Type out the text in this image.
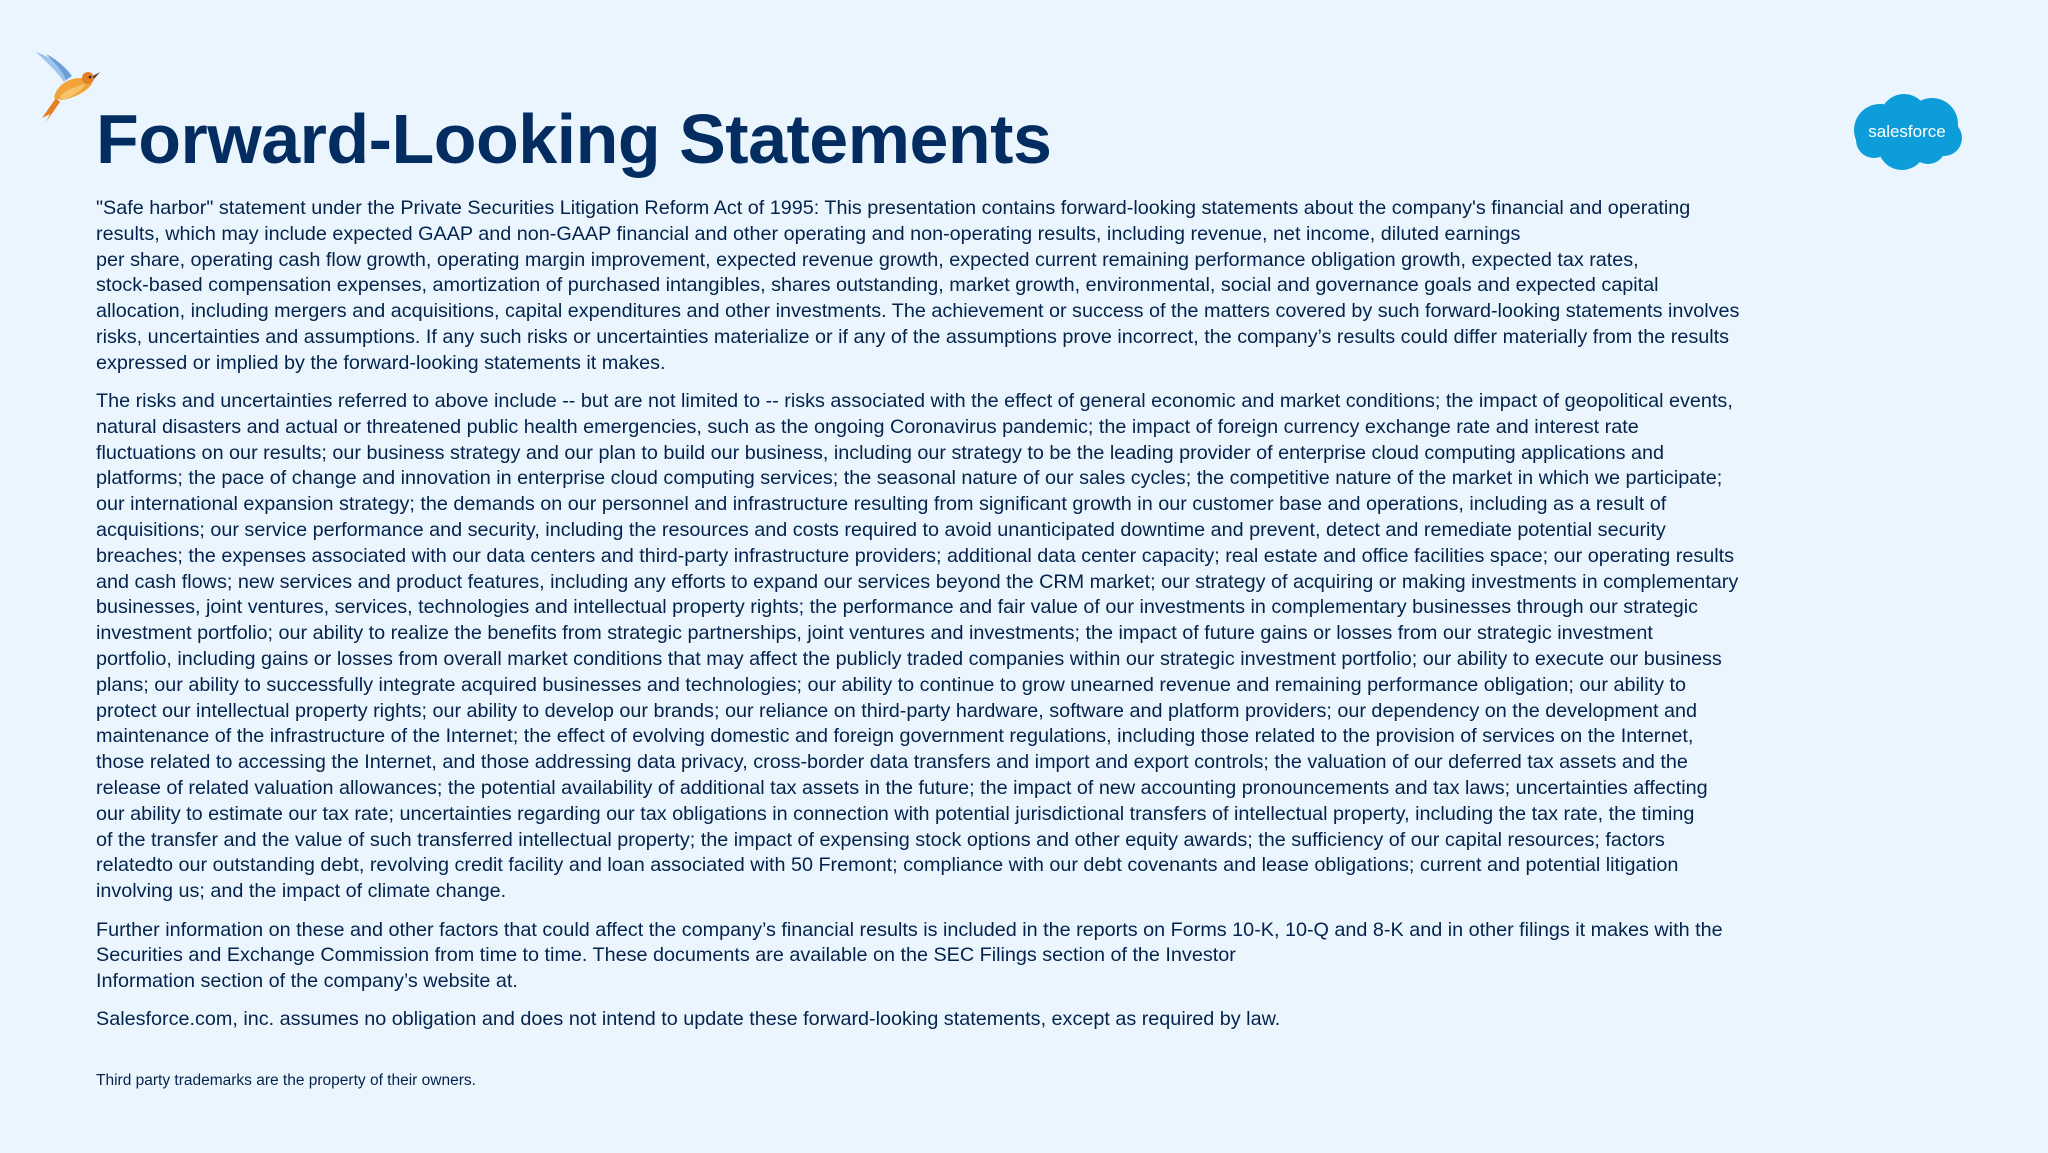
salesforce
Forward-Looking Statements

"Safe harbor" statement under the Private Securities Litigation Reform Act of 1995: This presentation contains forward-looking statements about the company's financial and operating
results, which may include expected GAAP and non-GAAP financial and other operating and non-operating results, including revenue, net income, diluted earnings
per share, operating cash flow growth, operating margin improvement, expected revenue growth, expected current remaining performance obligation growth, expected tax rates,
stock-based compensation expenses, amortization of purchased intangibles, shares outstanding, market growth, environmental, social and governance goals and expected capital
allocation, including mergers and acquisitions, capital expenditures and other investments. The achievement or success of the matters covered by such forward-looking statements involves
risks, uncertainties and assumptions. If any such risks or uncertainties materialize or if any of the assumptions prove incorrect, the company’s results could differ materially from the results
expressed or implied by the forward-looking statements it makes.

The risks and uncertainties referred to above include -- but are not limited to -- risks associated with the effect of general economic and market conditions; the impact of geopolitical events,
natural disasters and actual or threatened public health emergencies, such as the ongoing Coronavirus pandemic; the impact of foreign currency exchange rate and interest rate
fluctuations on our results; our business strategy and our plan to build our business, including our strategy to be the leading provider of enterprise cloud computing applications and
platforms; the pace of change and innovation in enterprise cloud computing services; the seasonal nature of our sales cycles; the competitive nature of the market in which we participate;
our international expansion strategy; the demands on our personnel and infrastructure resulting from significant growth in our customer base and operations, including as a result of
acquisitions; our service performance and security, including the resources and costs required to avoid unanticipated downtime and prevent, detect and remediate potential security
breaches; the expenses associated with our data centers and third-party infrastructure providers; additional data center capacity; real estate and office facilities space; our operating results
and cash flows; new services and product features, including any efforts to expand our services beyond the CRM market; our strategy of acquiring or making investments in complementary
businesses, joint ventures, services, technologies and intellectual property rights; the performance and fair value of our investments in complementary businesses through our strategic
investment portfolio; our ability to realize the benefits from strategic partnerships, joint ventures and investments; the impact of future gains or losses from our strategic investment
portfolio, including gains or losses from overall market conditions that may affect the publicly traded companies within our strategic investment portfolio; our ability to execute our business
plans; our ability to successfully integrate acquired businesses and technologies; our ability to continue to grow unearned revenue and remaining performance obligation; our ability to
protect our intellectual property rights; our ability to develop our brands; our reliance on third-party hardware, software and platform providers; our dependency on the development and
maintenance of the infrastructure of the Internet; the effect of evolving domestic and foreign government regulations, including those related to the provision of services on the Internet,
those related to accessing the Internet, and those addressing data privacy, cross-border data transfers and import and export controls; the valuation of our deferred tax assets and the
release of related valuation allowances; the potential availability of additional tax assets in the future; the impact of new accounting pronouncements and tax laws; uncertainties affecting
our ability to estimate our tax rate; uncertainties regarding our tax obligations in connection with potential jurisdictional transfers of intellectual property, including the tax rate, the timing
of the transfer and the value of such transferred intellectual property; the impact of expensing stock options and other equity awards; the sufficiency of our capital resources; factors
relatedto our outstanding debt, revolving credit facility and loan associated with 50 Fremont; compliance with our debt covenants and lease obligations; current and potential litigation
involving us; and the impact of climate change.

Further information on these and other factors that could affect the company’s financial results is included in the reports on Forms 10-K, 10-Q and 8-K and in other filings it makes with the
Securities and Exchange Commission from time to time. These documents are available on the SEC Filings section of the Investor
Information section of the company’s website at.

Salesforce.com, inc. assumes no obligation and does not intend to update these forward-looking statements, except as required by law.

Third party trademarks are the property of their owners.
